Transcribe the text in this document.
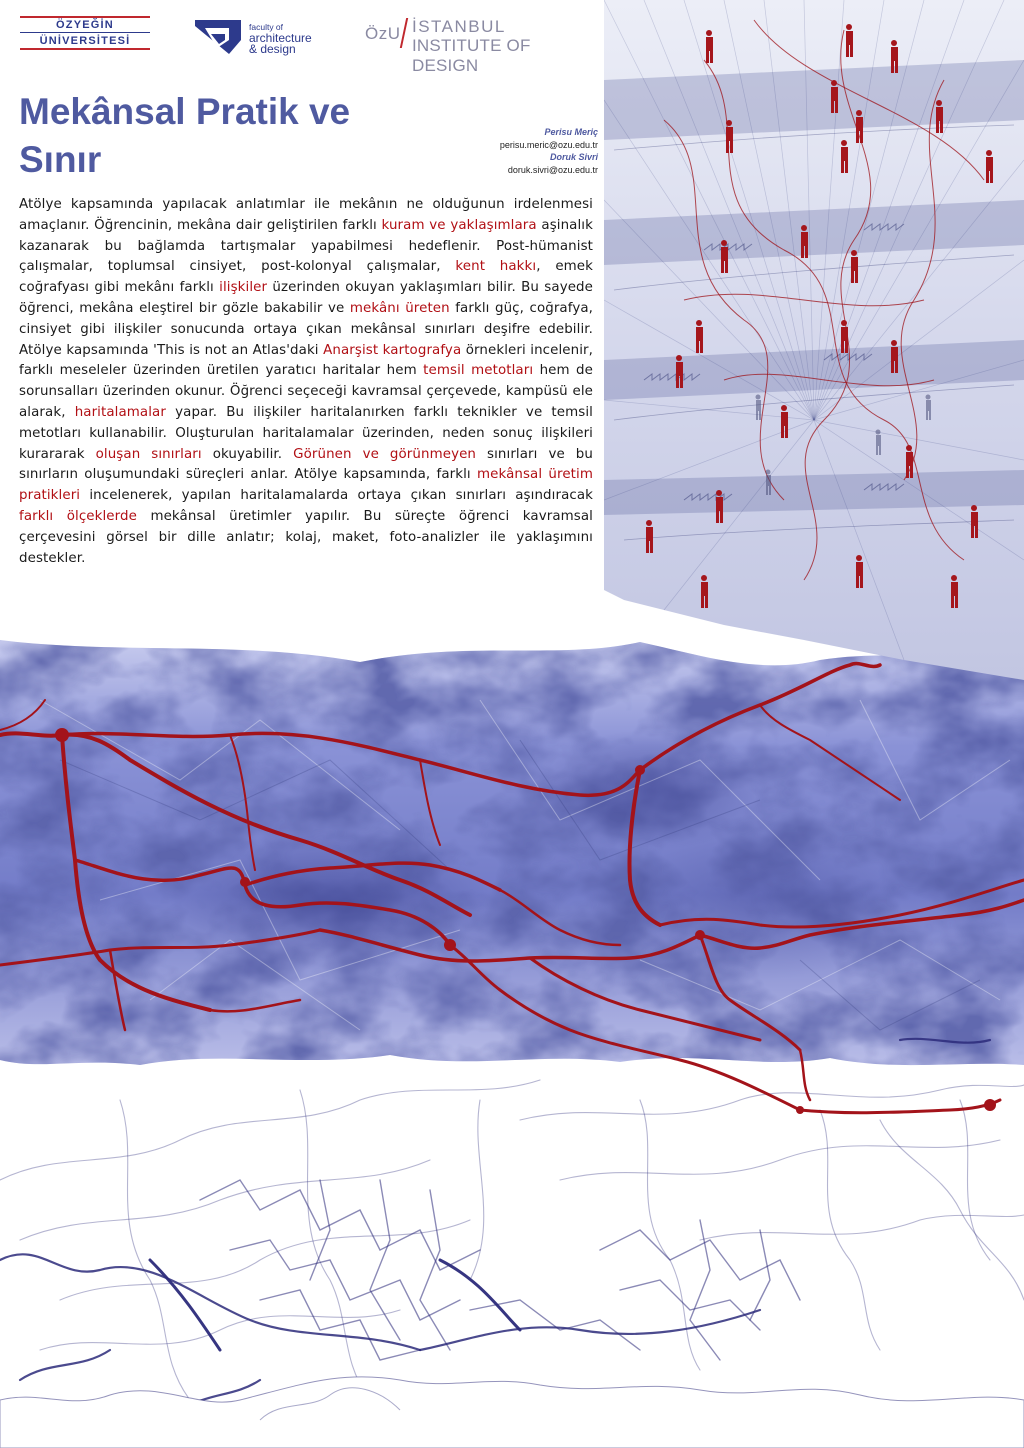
ÖZYEĞİN
ÜNİVERSİTESİ
faculty of
architecture
& design
ÖzU İSTANBUL
INSTITUTE OF DESIGN
Mekânsal Pratik ve Sınır
Perisu Meriç
perisu.meric@ozu.edu.tr
Doruk Sivri
doruk.sivri@ozu.edu.tr

Atölye kapsamında yapılacak anlatımlar ile mekânın ne olduğunun irdelenmesi amaçlanır. Öğrencinin, mekâna dair geliştirilen farklı kuram ve yaklaşımlara aşinalık kazanarak bu bağlamda tartışmalar yapabilmesi hedeflenir. Post-hümanist çalışmalar, toplumsal cinsiyet, post-kolonyal çalışmalar, kent hakkı, emek coğrafyası gibi mekânı farklı ilişkiler üzerinden okuyan yaklaşımları bilir. Bu sayede öğrenci, mekâna eleştirel bir gözle bakabilir ve mekânı üreten farklı güç, coğrafya, cinsiyet gibi ilişkiler sonucunda ortaya çıkan mekânsal sınırları deşifre edebilir. Atölye kapsamında 'This is not an Atlas'daki Anarşist kartografya örnekleri incelenir, farklı meseleler üzerinden üretilen yaratıcı haritalar hem temsil metotları hem de sorunsalları üzerinden okunur. Öğrenci seçeceği kavramsal çerçevede, kampüsü ele alarak, haritalamalar yapar. Bu ilişkiler haritalanırken farklı teknikler ve temsil metotları kullanabilir. Oluşturulan haritalamalar üzerinden, neden sonuç ilişkileri kurararak oluşan sınırları okuyabilir. Görünen ve görünmeyen sınırları ve bu sınırların oluşumundaki süreçleri anlar. Atölye kapsamında, farklı mekânsal üretim pratikleri incelenerek, yapılan haritalamalarda ortaya çıkan sınırları aşındıracak farklı ölçeklerde mekânsal üretimler yapılır. Bu süreçte öğrenci kavramsal çerçevesini görsel bir dille anlatır; kolaj, maket, foto-analizler ile yaklaşımını destekler.
